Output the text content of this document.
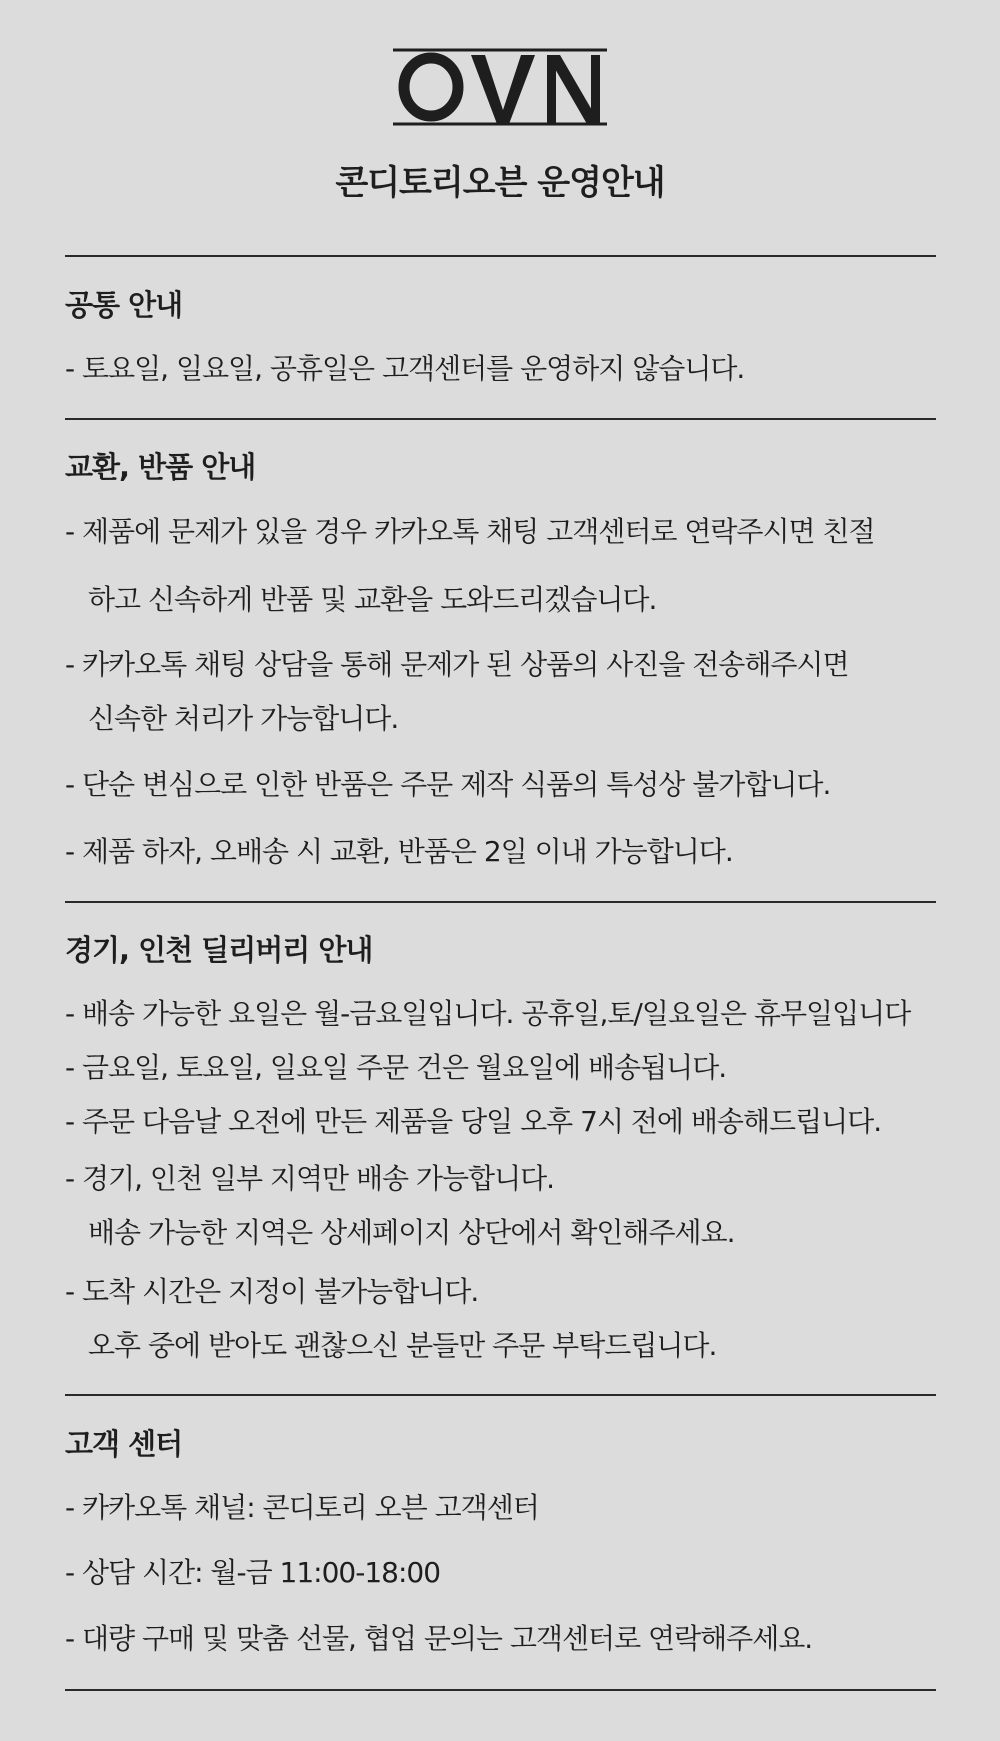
콘디토리오븐 운영안내
공통 안내
- 토요일, 일요일, 공휴일은 고객센터를 운영하지 않습니다.
교환, 반품 안내
- 제품에 문제가 있을 경우 카카오톡 채팅 고객센터로 연락주시면 친절
하고 신속하게 반품 및 교환을 도와드리겠습니다.
- 카카오톡 채팅 상담을 통해 문제가 된 상품의 사진을 전송해주시면
신속한 처리가 가능합니다.
- 단순 변심으로 인한 반품은 주문 제작 식품의 특성상 불가합니다.
- 제품 하자, 오배송 시 교환, 반품은 2일 이내 가능합니다.
경기, 인천 딜리버리 안내
- 배송 가능한 요일은 월-금요일입니다. 공휴일,토/일요일은 휴무일입니다
- 금요일, 토요일, 일요일 주문 건은 월요일에 배송됩니다.
- 주문 다음날 오전에 만든 제품을 당일 오후 7시 전에 배송해드립니다.
- 경기, 인천 일부 지역만 배송 가능합니다.
배송 가능한 지역은 상세페이지 상단에서 확인해주세요.
- 도착 시간은 지정이 불가능합니다.
오후 중에 받아도 괜찮으신 분들만 주문 부탁드립니다.
고객 센터
- 카카오톡 채널: 콘디토리 오븐 고객센터
- 상담 시간: 월-금 11:00-18:00
- 대량 구매 및 맞춤 선물, 협업 문의는 고객센터로 연락해주세요.
